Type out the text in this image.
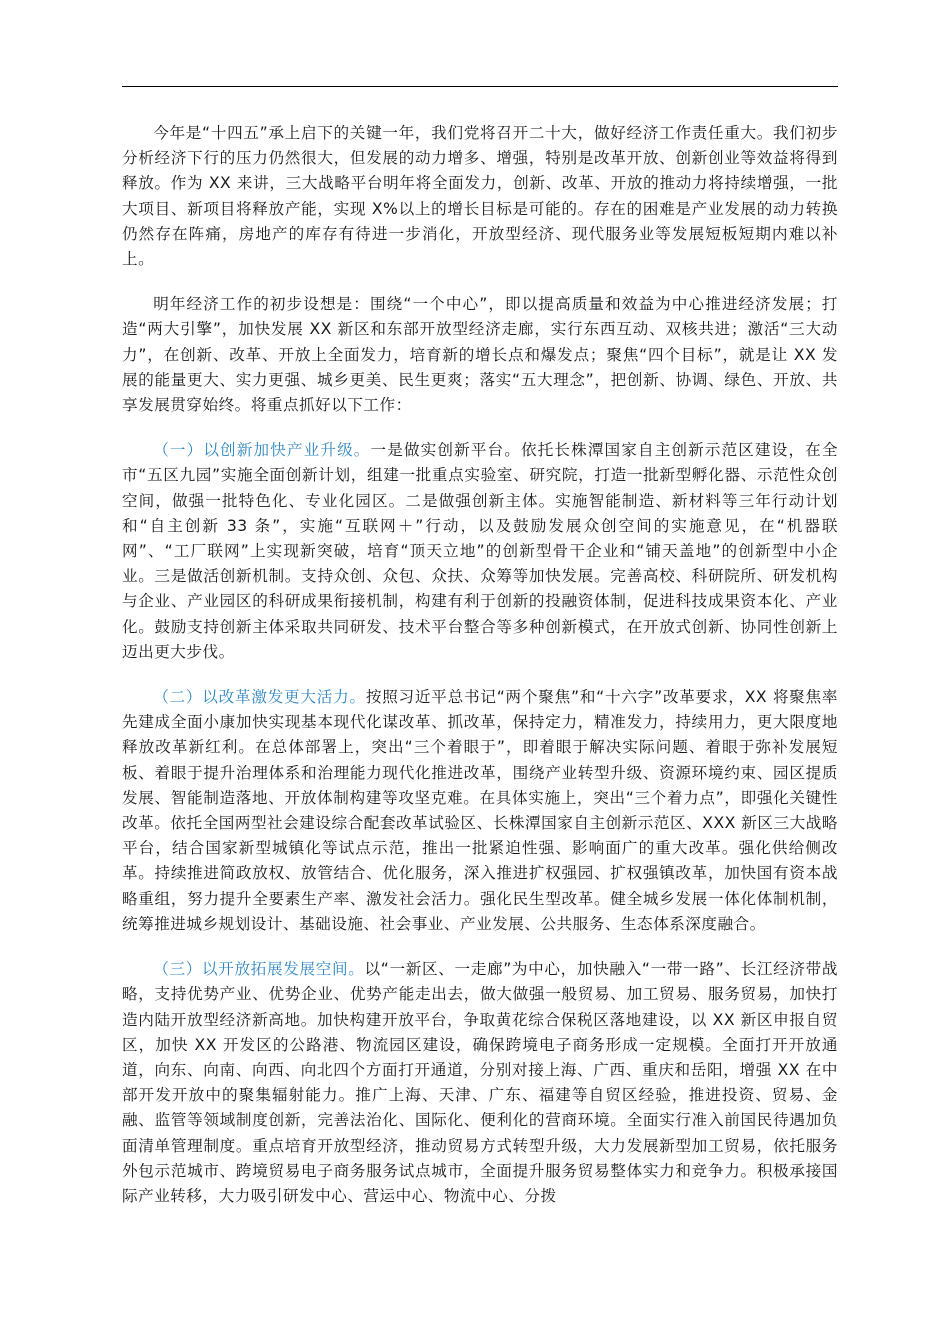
今年是“十四五”承上启下的关键一年，我们党将召开二十大，做好经济工作责任重大。我们初步分析经济下行的压力仍然很大，但发展的动力增多、增强，特别是改革开放、创新创业等效益将得到释放。作为 XX 来讲，三大战略平台明年将全面发力，创新、改革、开放的推动力将持续增强，一批大项目、新项目将释放产能，实现 X%以上的增长目标是可能的。存在的困难是产业发展的动力转换仍然存在阵痛，房地产的库存有待进一步消化，开放型经济、现代服务业等发展短板短期内难以补上。

明年经济工作的初步设想是：围绕“一个中心”，即以提高质量和效益为中心推进经济发展；打造“两大引擎”，加快发展 XX 新区和东部开放型经济走廊，实行东西互动、双核共进；激活“三大动力”，在创新、改革、开放上全面发力，培育新的增长点和爆发点；聚焦“四个目标”，就是让 XX 发展的能量更大、实力更强、城乡更美、民生更爽；落实“五大理念”，把创新、协调、绿色、开放、共享发展贯穿始终。将重点抓好以下工作：

（一）以创新加快产业升级。一是做实创新平台。依托长株潭国家自主创新示范区建设，在全市“五区九园”实施全面创新计划，组建一批重点实验室、研究院，打造一批新型孵化器、示范性众创空间，做强一批特色化、专业化园区。二是做强创新主体。实施智能制造、新材料等三年行动计划和“自主创新 33 条”，实施“互联网＋”行动，以及鼓励发展众创空间的实施意见，在“机器联网”、“工厂联网”上实现新突破，培育“顶天立地”的创新型骨干企业和“铺天盖地”的创新型中小企业。三是做活创新机制。支持众创、众包、众扶、众筹等加快发展。完善高校、科研院所、研发机构与企业、产业园区的科研成果衔接机制，构建有利于创新的投融资体制，促进科技成果资本化、产业化。鼓励支持创新主体采取共同研发、技术平台整合等多种创新模式，在开放式创新、协同性创新上迈出更大步伐。

（二）以改革激发更大活力。按照习近平总书记“两个聚焦”和“十六字”改革要求，XX 将聚焦率先建成全面小康加快实现基本现代化谋改革、抓改革，保持定力，精准发力，持续用力，更大限度地释放改革新红利。在总体部署上，突出“三个着眼于”，即着眼于解决实际问题、着眼于弥补发展短板、着眼于提升治理体系和治理能力现代化推进改革，围绕产业转型升级、资源环境约束、园区提质发展、智能制造落地、开放体制构建等攻坚克难。在具体实施上，突出“三个着力点”，即强化关键性改革。依托全国两型社会建设综合配套改革试验区、长株潭国家自主创新示范区、XXX 新区三大战略平台，结合国家新型城镇化等试点示范，推出一批紧迫性强、影响面广的重大改革。强化供给侧改革。持续推进简政放权、放管结合、优化服务，深入推进扩权强园、扩权强镇改革，加快国有资本战略重组，努力提升全要素生产率、激发社会活力。强化民生型改革。健全城乡发展一体化体制机制，统筹推进城乡规划设计、基础设施、社会事业、产业发展、公共服务、生态体系深度融合。

（三）以开放拓展发展空间。以“一新区、一走廊”为中心，加快融入“一带一路”、长江经济带战略，支持优势产业、优势企业、优势产能走出去，做大做强一般贸易、加工贸易、服务贸易，加快打造内陆开放型经济新高地。加快构建开放平台，争取黄花综合保税区落地建设，以 XX 新区申报自贸区，加快 XX 开发区的公路港、物流园区建设，确保跨境电子商务形成一定规模。全面打开开放通道，向东、向南、向西、向北四个方面打开通道，分别对接上海、广西、重庆和岳阳，增强 XX 在中部开发开放中的聚集辐射能力。推广上海、天津、广东、福建等自贸区经验，推进投资、贸易、金融、监管等领域制度创新，完善法治化、国际化、便利化的营商环境。全面实行准入前国民待遇加负面清单管理制度。重点培育开放型经济，推动贸易方式转型升级，大力发展新型加工贸易，依托服务外包示范城市、跨境贸易电子商务服务试点城市，全面提升服务贸易整体实力和竞争力。积极承接国际产业转移，大力吸引研发中心、营运中心、物流中心、分拨
